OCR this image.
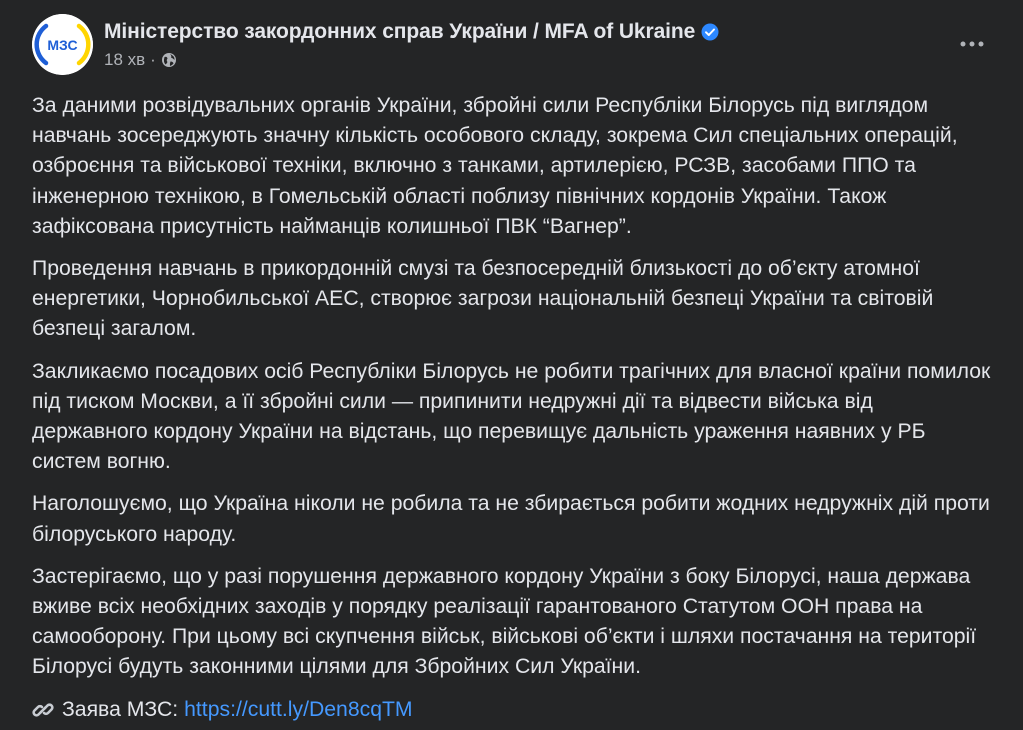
МЗС
Міністерство закордонних справ України / MFA of Ukraine
18 хв ·

За даними розвідувальних органів України, збройні сили Республіки Білорусь під виглядом навчань зосереджують значну кількість особового складу, зокрема Сил спеціальних операцій, озброєння та військової техніки, включно з танками, артилерією, РСЗВ, засобами ППО та інженерною технікою, в Гомельській області поблизу північних кордонів України. Також зафіксована присутність найманців колишньої ПВК “Вагнер”.

Проведення навчань в прикордонній смузі та безпосередній близькості до об’єкту атомної енергетики, Чорнобильської АЕС, створює загрози національній безпеці України та світовій безпеці загалом.

Закликаємо посадових осіб Республіки Білорусь не робити трагічних для власної країни помилок під тиском Москви, а її збройні сили — припинити недружні дії та відвести війська від державного кордону України на відстань, що перевищує дальність ураження наявних у РБ систем вогню.

Наголошуємо, що Україна ніколи не робила та не збирається робити жодних недружніх дій проти білоруського народу.

Застерігаємо, що у разі порушення державного кордону України з боку Білорусі, наша держава вживе всіх необхідних заходів у порядку реалізації гарантованого Статутом ООН права на самооборону. При цьому всі скупчення військ, військові об’єкти і шляхи постачання на території Білорусі будуть законними цілями для Збройних Сил України.

Заява МЗС: https://cutt.ly/Den8cqTM
